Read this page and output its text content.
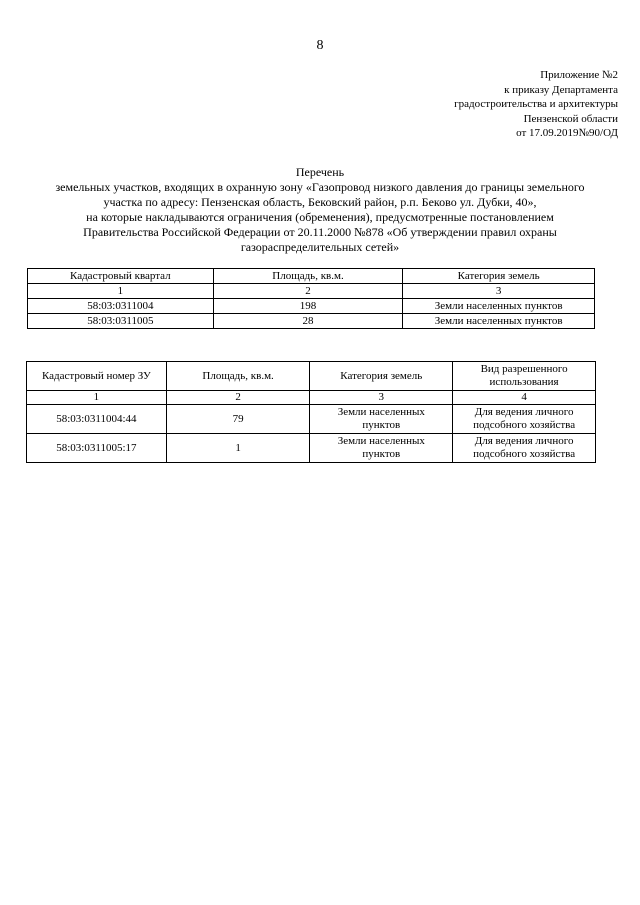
8
Приложение №2
к приказу Департамента
градостроительства и архитектуры
Пензенской области
от 17.09.2019№90/ОД
Перечень
земельных участков, входящих в охранную зону «Газопровод низкого давления до границы земельного
участка по адресу: Пензенская область, Бековский район, р.п. Беково ул. Дубки, 40»,
на которые накладываются ограничения (обременения), предусмотренные постановлением
Правительства Российской Федерации от 20.11.2000 №878 «Об утверждении правил охраны
газораспределительных сетей»
Кадастровый квартал	Площадь, кв.м.	Категория земель
1	2	3
58:03:0311004	198	Земли населенных пунктов
58:03:0311005	28	Земли населенных пунктов
Кадастровый номер ЗУ	Площадь, кв.м.	Категория земель	Вид разрешенного использования
1	2	3	4
58:03:0311004:44	79	Земли населенных пунктов	Для ведения личного подсобного хозяйства
58:03:0311005:17	1	Земли населенных пунктов	Для ведения личного подсобного хозяйства
